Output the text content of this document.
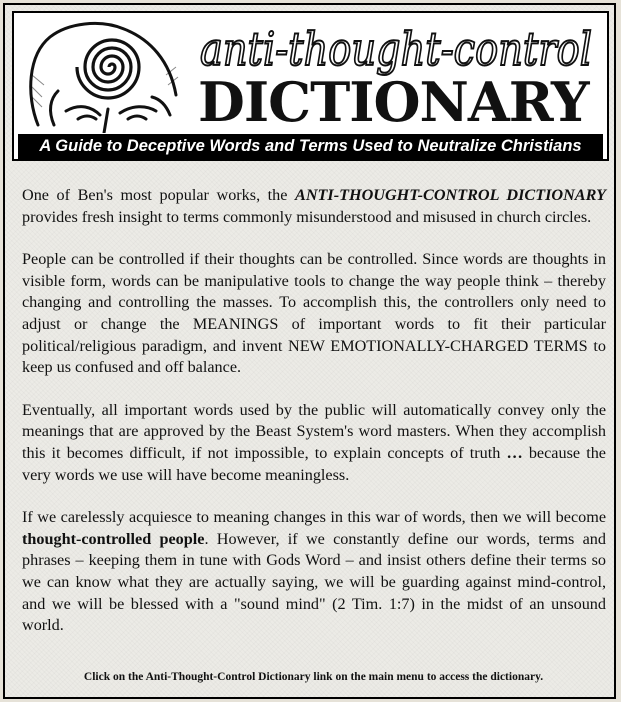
anti-thought-control
DICTIONARY
A Guide to Deceptive Words and Terms Used to Neutralize Christians

One of Ben's most popular works, the ANTI-THOUGHT-CONTROL DICTIONARY provides fresh insight to terms commonly misunderstood and misused in church circles.

People can be controlled if their thoughts can be controlled. Since words are thoughts in visible form, words can be manipulative tools to change the way people think – thereby changing and controlling the masses. To accomplish this, the controllers only need to adjust or change the MEANINGS of important words to fit their particular political/religious paradigm, and invent NEW EMOTIONALLY-CHARGED TERMS to keep us confused and off balance.

Eventually, all important words used by the public will automatically convey only the meanings that are approved by the Beast System's word masters. When they accomplish this it becomes difficult, if not impossible, to explain concepts of truth … because the very words we use will have become meaningless.

If we carelessly acquiesce to meaning changes in this war of words, then we will become thought-controlled people. However, if we constantly define our words, terms and phrases – keeping them in tune with Gods Word – and insist others define their terms so we can know what they are actually saying, we will be guarding against mind-control, and we will be blessed with a "sound mind" (2 Tim. 1:7) in the midst of an unsound world.

Click on the Anti-Thought-Control Dictionary link on the main menu to access the dictionary.
